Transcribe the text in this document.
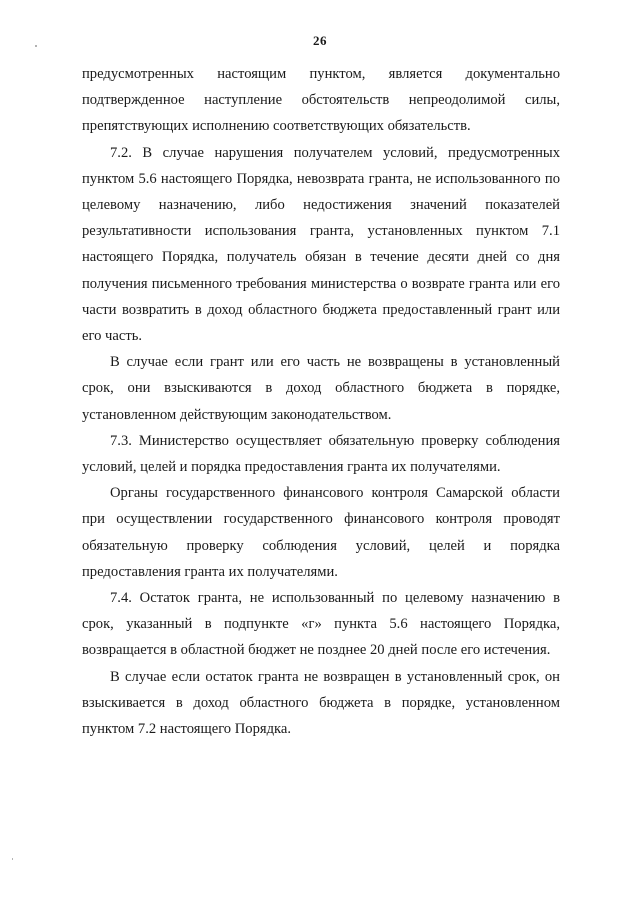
26

предусмотренных настоящим пунктом, является документально подтвержденное наступление обстоятельств непреодолимой силы, препятствующих исполнению соответствующих обязательств.

7.2. В случае нарушения получателем условий, предусмотренных пунктом 5.6 настоящего Порядка, невозврата гранта, не использованного по целевому назначению, либо недостижения значений показателей результативности использования гранта, установленных пунктом 7.1 настоящего Порядка, получатель обязан в течение десяти дней со дня получения письменного требования министерства о возврате гранта или его части возвратить в доход областного бюджета предоставленный грант или его часть.

В случае если грант или его часть не возвращены в установленный срок, они взыскиваются в доход областного бюджета в порядке, установленном действующим законодательством.

7.3. Министерство осуществляет обязательную проверку соблюдения условий, целей и порядка предоставления гранта их получателями.

Органы государственного финансового контроля Самарской области при осуществлении государственного финансового контроля проводят обязательную проверку соблюдения условий, целей и порядка предоставления гранта их получателями.

7.4. Остаток гранта, не использованный по целевому назначению в срок, указанный в подпункте «г» пункта 5.6 настоящего Порядка, возвращается в областной бюджет не позднее 20 дней после его истечения.

В случае если остаток гранта не возвращен в установленный срок, он взыскивается в доход областного бюджета в порядке, установленном пунктом 7.2 настоящего Порядка.
